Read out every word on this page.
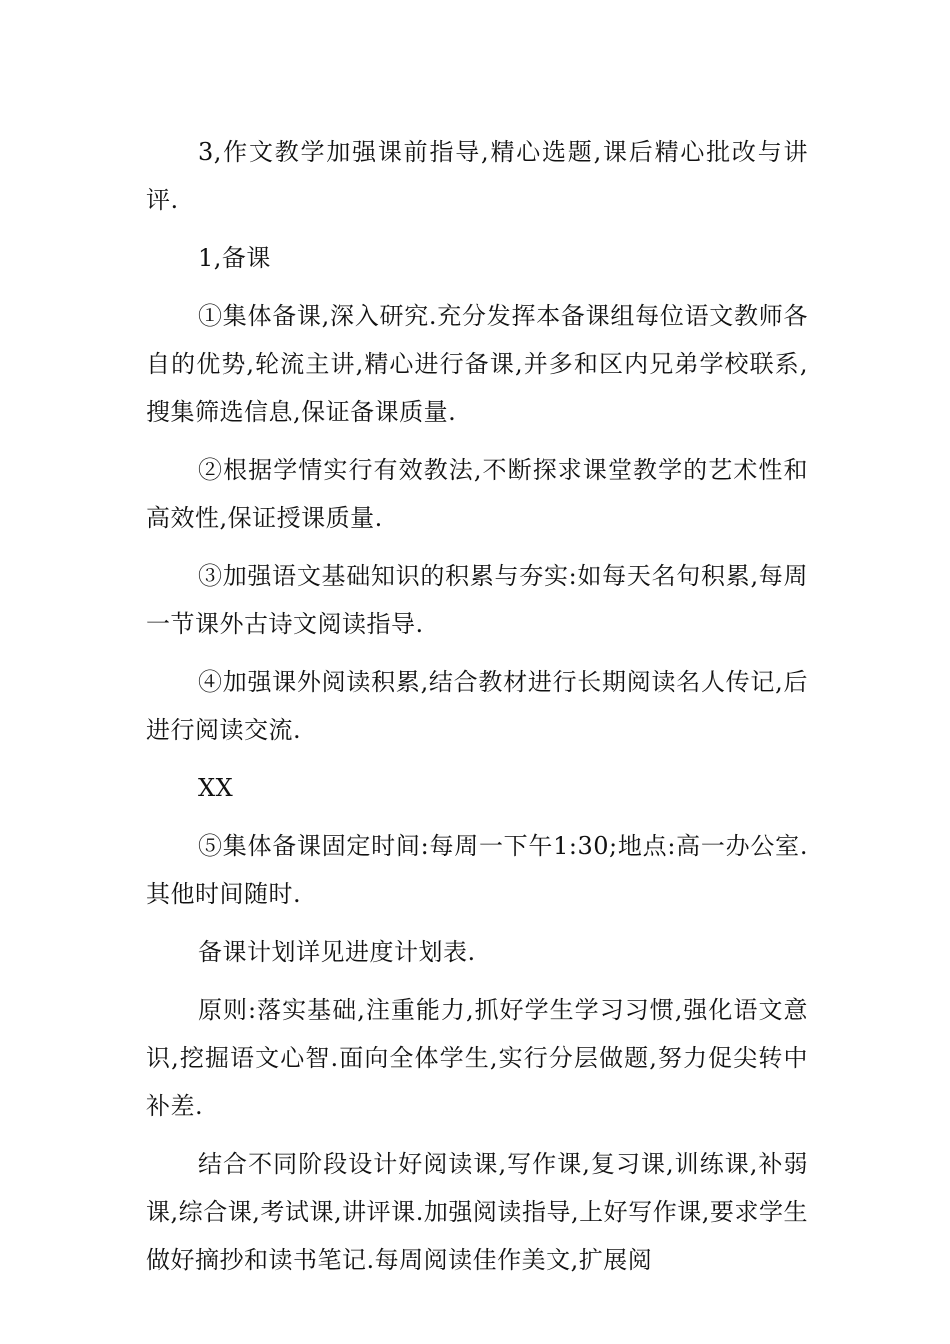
3,作文教学加强课前指导,精心选题,课后精心批改与讲评.

1,备课

①集体备课,深入研究.充分发挥本备课组每位语文教师各自的优势,轮流主讲,精心进行备课,并多和区内兄弟学校联系,搜集筛选信息,保证备课质量.

②根据学情实行有效教法,不断探求课堂教学的艺术性和高效性,保证授课质量.

③加强语文基础知识的积累与夯实:如每天名句积累,每周一节课外古诗文阅读指导.

④加强课外阅读积累,结合教材进行长期阅读名人传记,后进行阅读交流.

XX

⑤集体备课固定时间:每周一下午1:30;地点:高一办公室.其他时间随时.

备课计划详见进度计划表.

原则:落实基础,注重能力,抓好学生学习习惯,强化语文意识,挖掘语文心智.面向全体学生,实行分层做题,努力促尖转中补差.

结合不同阶段设计好阅读课,写作课,复习课,训练课,补弱课,综合课,考试课,讲评课.加强阅读指导,上好写作课,要求学生做好摘抄和读书笔记.每周阅读佳作美文,扩展阅
